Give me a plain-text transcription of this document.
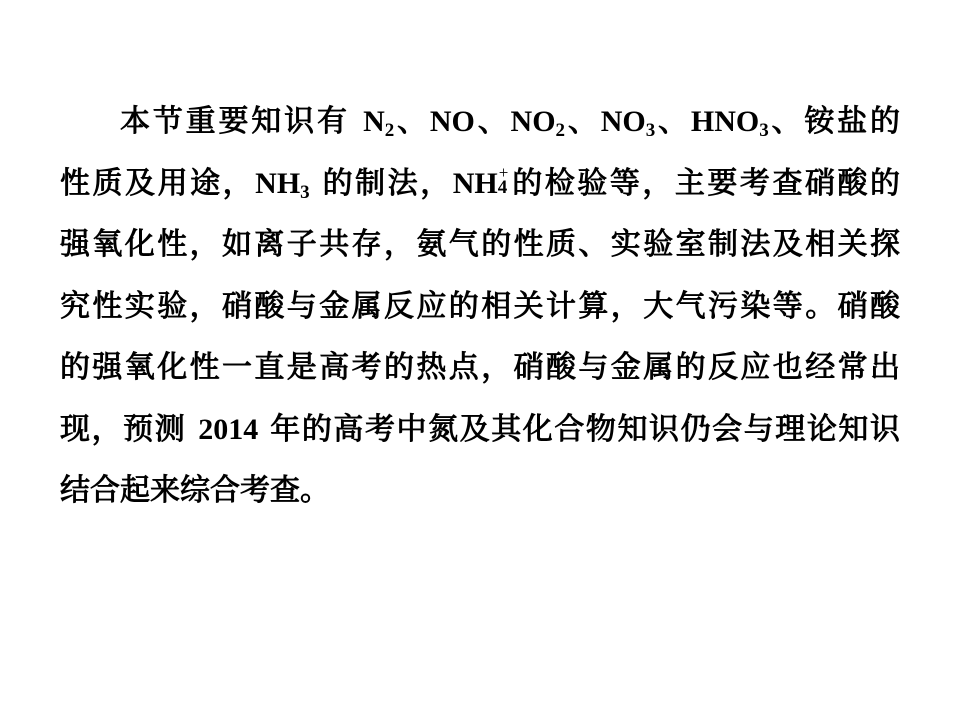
本节重要知识有 $N_2$、NO、$NO_2$、$NO_3$、$HNO_3$、铵盐的
性质及用途，$NH_3$ 的制法，NH +
4 的检验等，主要考查硝酸的
强氧化性，如离子共存，氨气的性质、实验室制法及相关探
究性实验，硝酸与金属反应的相关计算，大气污染等。硝酸
的强氧化性一直是高考的热点，硝酸与金属的反应也经常出
现，预测 2014 年的高考中氮及其化合物知识仍会与理论知识
结合起来综合考查。
